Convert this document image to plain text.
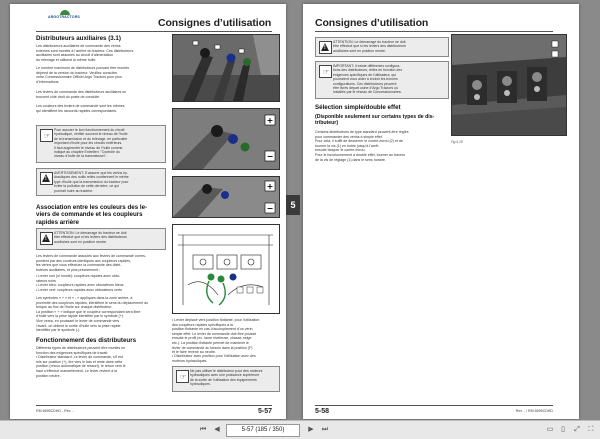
ARGOTRACTORS	Consignes d’utilisation
Distributeurs auxiliaires (3.1)
Les distributeurs auxiliaires de commande des vérins
externes sont montés à l’arrière du tracteur. Ces distributeurs
auxiliaires sont associés au circuit d’alimentation
du relevage et utilisent la même huile.
Le nombre maximum de distributeurs pouvant être montés
dépend de la version du tracteur. Veuillez consulter
votre Concessionnaire Officiel Argo Tractors pour plus
d’informations.
Les leviers de commande des distributeurs auxiliaires se
trouvent côté droit du poste de conduite.
Les couleurs des leviers de commande sont les mêmes
qui identifient les raccords rapides correspondants.
☞
Pour assurer le bon fonctionnement du circuit
hydraulique, vérifier souvent le niveau de l’huile
de la transmission et du relevage, en particulier
important d’huile pour les circuits extérieurs.
Il faut augmenter le niveau de l’huile comme
indiqué au chapitre Entretien: "Contrôle du
niveau d’huile de la transmission".
!
AVERTISSEMENT: S’assurer que les vérins hy-
drauliques des outils reliés contiennent le même
type d’huile que la transmission du tracteur pour
éviter la pollution de cette dernière, ce qui
pourrait nuire au tracteur.
Association entre les couleurs des le-
viers de commande et les coupleurs
rapides arrière
!
ATTENTION: Le démarrage du tracteur ne doit
être effectué que si les leviers des distributeurs
auxiliaires sont en position neutre.
Les leviers de commande associés aux leviers de commande corres-
pondent par des couleurs identiques aux coupleurs rapides,
les vérins que vous effectuez la commande des distri-
buteurs auxiliaires, et plus précisément :
• Levier noir (si monté): coupleurs rapides avec obtu-
rateurs noirs
• Levier bleu: coupleurs rapides avec obturateurs bleus
• Levier vert: coupleurs rapides avec obturateurs verts
Les symboles « + » et « - » appliqués dans la zone arrière, à
proximité des coupleurs rapides, identifient le sens du déplacement du
torique au flux de l’huile sur chaque distributeur.
La position « + » indique que le coupleur correspondant sera libre
d’huile vers la prise rapide identifiée par le symbole (+).
Vice versa, en poussant le levier de commande vers
l’avant, on obtient le sortie d’huile vers la prise rapide
identifiée par le symbole (-).
Fonctionnement des distributeurs
Différents types de distributeurs peuvent être montés en
fonction des exigences spécifiques de travail:
• Distributeur standard. Le levier de commande, s’il est
mis sur position (+), tire vers le bas et reste dans cette
position (retour automatique de ressort), le retour vers le
haut s’effectue manuellement. Le levier revient à la
position neutre.
+
−
+
−
• Levier déplacé vers position flottante, pour l’utilisation
des coupleurs rapides spécifiques à la
position flottante en cas d’accouplement d’un vérin
simple effet. Le levier de commande doit être poussé
ensuite le profil (ex. lame niveleuse, chasse-neige
etc.). La position flottante permet de maintenir le
levier de commande au besoin dans la position (F)
et le faire revenir au neutre.
• Distributeur avec position pour l’utilisation avec des
moteurs hydrauliques.
☞
Ne pas utiliser le distributeur pour des moteurs
hydrauliques avec une puissance supérieure
de la sortie de l’utilisation des équipements
hydrauliques.
RM 6695CDHD - Rev. -	5-57
5
Consignes d’utilisation
!
ATTENTION: Le démarrage du tracteur ne doit
être effectué que si les leviers des distributeurs
auxiliaires sont en position neutre.
☞
IMPORTANT: Il existe différentes configura-
tions des distributeurs, reliés en fonction des
exigences spécifiques de l’utilisateur, qui
pourraient vous aider à choisir les bonnes
configurations. Ces distributeurs peuvent
être livrés départ usine d’Argo Tractors ou
installés par le réseau de Concessionnaires.
Sélection simple/double effet
(Disponible seulement sur certains types de dis-
tributeur)
Certains distributeurs de type standard peuvent être réglés
pour commander des vérins à simple effet.
Pour cela, il suffit de desserrer le contre-écrou (2) et de
tourner la vis (1) en butée jusqu’à l’arrêt,
ensuite bloquer le contre-écrou.
Pour le fonctionnement à double effet, tourner au travers
de la vis de réglage (1) dans le sens horaire.
Fig 5-28
5-58	Rev. - / RM 6695CDHD
⏮	◀	5-57 (185 / 350)	▶	⏭	▭	▯	⤢	⛶
